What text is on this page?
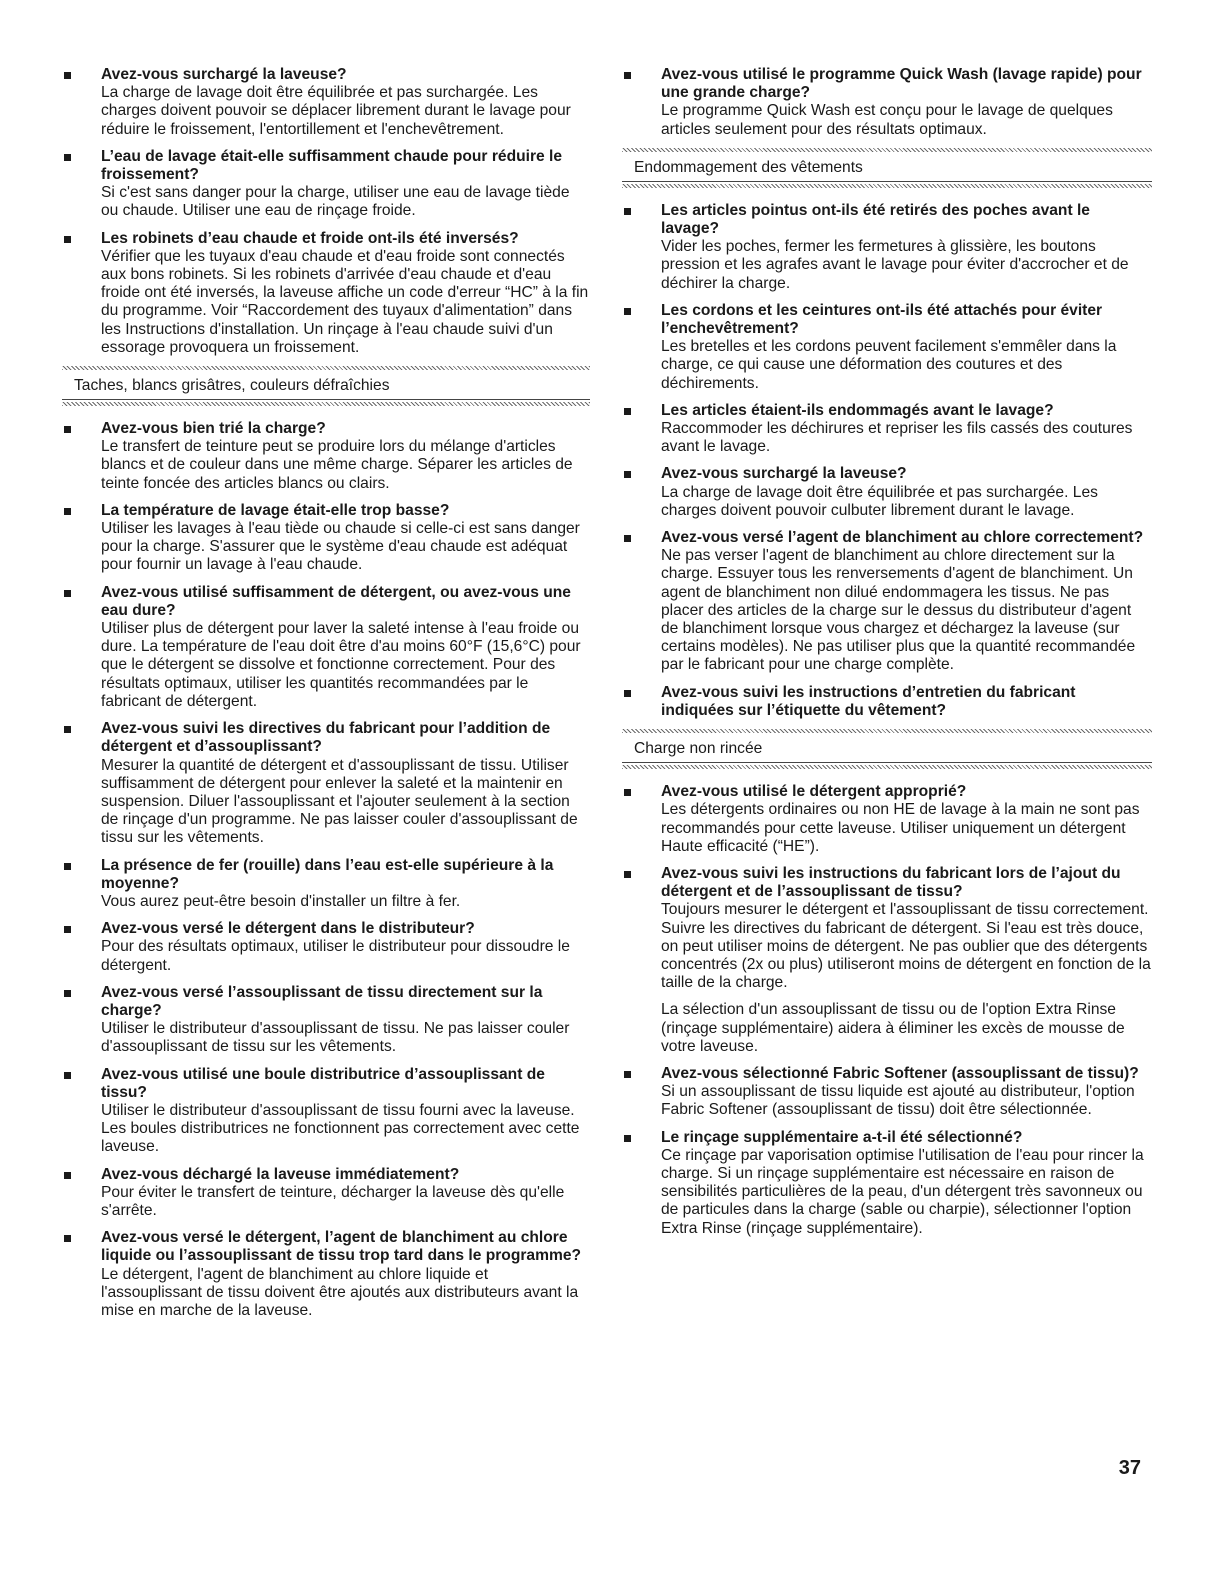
Avez-vous surchargé la laveuse?
La charge de lavage doit être équilibrée et pas surchargée. Les charges doivent pouvoir se déplacer librement durant le lavage pour réduire le froissement, l'entortillement et l'enchevêtrement.
L’eau de lavage était-elle suffisamment chaude pour réduire le froissement?
Si c'est sans danger pour la charge, utiliser une eau de lavage tiède ou chaude. Utiliser une eau de rinçage froide.
Les robinets d’eau chaude et froide ont-ils été inversés?
Vérifier que les tuyaux d'eau chaude et d'eau froide sont connectés aux bons robinets. Si les robinets d'arrivée d'eau chaude et d'eau froide ont été inversés, la laveuse affiche un code d'erreur “HC” à la fin du programme. Voir “Raccordement des tuyaux d'alimentation” dans les Instructions d'installation. Un rinçage à l'eau chaude suivi d'un essorage provoquera un froissement.
Taches, blancs grisâtres, couleurs défraîchies
Avez-vous bien trié la charge?
Le transfert de teinture peut se produire lors du mélange d'articles blancs et de couleur dans une même charge. Séparer les articles de teinte foncée des articles blancs ou clairs.
La température de lavage était-elle trop basse?
Utiliser les lavages à l'eau tiède ou chaude si celle-ci est sans danger pour la charge. S'assurer que le système d'eau chaude est adéquat pour fournir un lavage à l'eau chaude.
Avez-vous utilisé suffisamment de détergent, ou avez-vous une eau dure?
Utiliser plus de détergent pour laver la saleté intense à l'eau froide ou dure. La température de l'eau doit être d'au moins 60°F (15,6°C) pour que le détergent se dissolve et fonctionne correctement. Pour des résultats optimaux, utiliser les quantités recommandées par le fabricant de détergent.
Avez-vous suivi les directives du fabricant pour l’addition de détergent et d’assouplissant?
Mesurer la quantité de détergent et d'assouplissant de tissu. Utiliser suffisamment de détergent pour enlever la saleté et la maintenir en suspension. Diluer l'assouplissant et l'ajouter seulement à la section de rinçage d'un programme. Ne pas laisser couler d'assouplissant de tissu sur les vêtements.
La présence de fer (rouille) dans l’eau est-elle supérieure à la moyenne?
Vous aurez peut-être besoin d'installer un filtre à fer.
Avez-vous versé le détergent dans le distributeur?
Pour des résultats optimaux, utiliser le distributeur pour dissoudre le détergent.
Avez-vous versé l’assouplissant de tissu directement sur la charge?
Utiliser le distributeur d'assouplissant de tissu. Ne pas laisser couler d'assouplissant de tissu sur les vêtements.
Avez-vous utilisé une boule distributrice d’assouplissant de tissu?
Utiliser le distributeur d'assouplissant de tissu fourni avec la laveuse. Les boules distributrices ne fonctionnent pas correctement avec cette laveuse.
Avez-vous déchargé la laveuse immédiatement?
Pour éviter le transfert de teinture, décharger la laveuse dès qu'elle s'arrête.
Avez-vous versé le détergent, l’agent de blanchiment au chlore liquide ou l’assouplissant de tissu trop tard dans le programme?
Le détergent, l'agent de blanchiment au chlore liquide et l'assouplissant de tissu doivent être ajoutés aux distributeurs avant la mise en marche de la laveuse.
Avez-vous utilisé le programme Quick Wash (lavage rapide) pour une grande charge?
Le programme Quick Wash est conçu pour le lavage de quelques articles seulement pour des résultats optimaux.
Endommagement des vêtements
Les articles pointus ont-ils été retirés des poches avant le lavage?
Vider les poches, fermer les fermetures à glissière, les boutons pression et les agrafes avant le lavage pour éviter d'accrocher et de déchirer la charge.
Les cordons et les ceintures ont-ils été attachés pour éviter l’enchevêtrement?
Les bretelles et les cordons peuvent facilement s'emmêler dans la charge, ce qui cause une déformation des coutures et des déchirements.
Les articles étaient-ils endommagés avant le lavage?
Raccommoder les déchirures et repriser les fils cassés des coutures avant le lavage.
Avez-vous surchargé la laveuse?
La charge de lavage doit être équilibrée et pas surchargée. Les charges doivent pouvoir culbuter librement durant le lavage.
Avez-vous versé l’agent de blanchiment au chlore correctement?
Ne pas verser l'agent de blanchiment au chlore directement sur la charge. Essuyer tous les renversements d'agent de blanchiment. Un agent de blanchiment non dilué endommagera les tissus. Ne pas placer des articles de la charge sur le dessus du distributeur d'agent de blanchiment lorsque vous chargez et déchargez la laveuse (sur certains modèles). Ne pas utiliser plus que la quantité recommandée par le fabricant pour une charge complète.
Avez-vous suivi les instructions d’entretien du fabricant indiquées sur l’étiquette du vêtement?
Charge non rincée
Avez-vous utilisé le détergent approprié?
Les détergents ordinaires ou non HE de lavage à la main ne sont pas recommandés pour cette laveuse. Utiliser uniquement un détergent Haute efficacité (“HE”).
Avez-vous suivi les instructions du fabricant lors de l’ajout du détergent et de l’assouplissant de tissu?
Toujours mesurer le détergent et l'assouplissant de tissu correctement. Suivre les directives du fabricant de détergent. Si l'eau est très douce, on peut utiliser moins de détergent. Ne pas oublier que des détergents concentrés (2x ou plus) utiliseront moins de détergent en fonction de la taille de la charge.
La sélection d'un assouplissant de tissu ou de l'option Extra Rinse (rinçage supplémentaire) aidera à éliminer les excès de mousse de votre laveuse.
Avez-vous sélectionné Fabric Softener (assouplissant de tissu)?
Si un assouplissant de tissu liquide est ajouté au distributeur, l'option Fabric Softener (assouplissant de tissu) doit être sélectionnée.
Le rinçage supplémentaire a-t-il été sélectionné?
Ce rinçage par vaporisation optimise l'utilisation de l'eau pour rincer la charge. Si un rinçage supplémentaire est nécessaire en raison de sensibilités particulières de la peau, d'un détergent très savonneux ou de particules dans la charge (sable ou charpie), sélectionner l'option Extra Rinse (rinçage supplémentaire).
37
